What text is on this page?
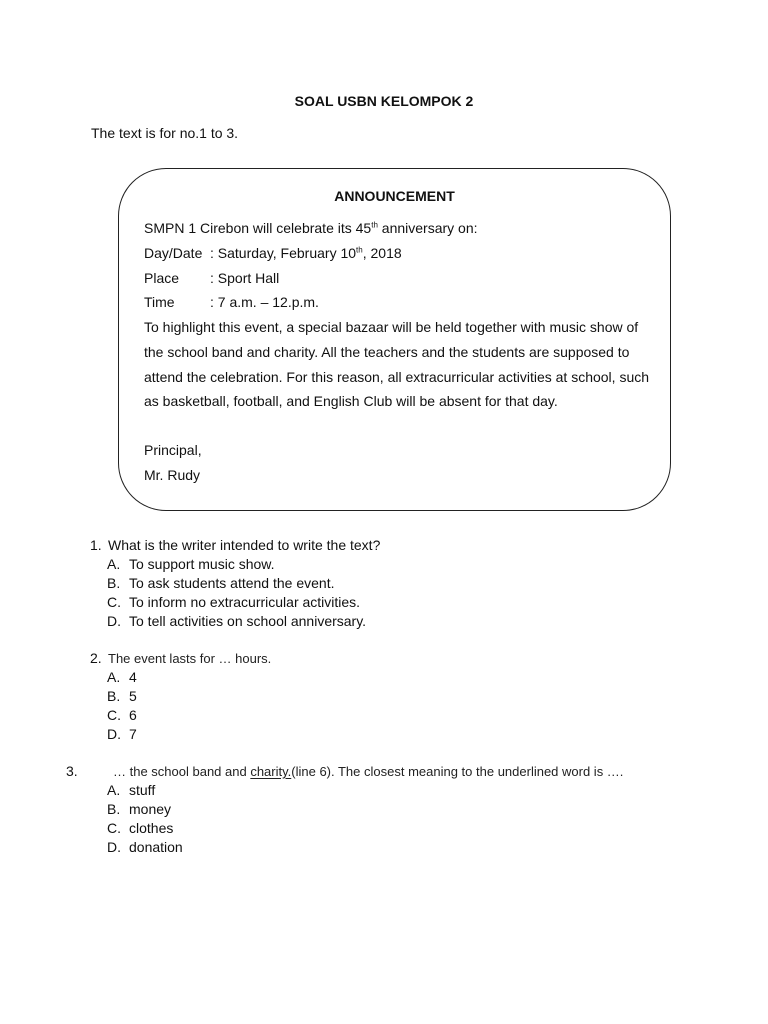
SOAL USBN KELOMPOK 2
The text is for no.1 to 3.
ANNOUNCEMENT
SMPN 1 Cirebon will celebrate its 45th anniversary on:
Day/Date : Saturday, February 10th, 2018
Place : Sport Hall
Time	: 7 a.m. – 12.p.m.
To highlight this event, a special bazaar will be held together with music show of
the school band and charity. All the teachers and the students are supposed to
attend the celebration. For this reason, all extracurricular activities at school, such
as basketball, football, and English Club will be absent for that day.
Principal,
Mr. Rudy
1. What is the writer intended to write the text?
A. To support music show.
B. To ask students attend the event.
C. To inform no extracurricular activities.
D. To tell activities on school anniversary.
2. The event lasts for … hours.
A. 4
B. 5
C. 6
D. 7
3.	… the school band and charity.(line 6). The closest meaning to the underlined word is ….
A. stuff
B. money
C. clothes
D. donation
